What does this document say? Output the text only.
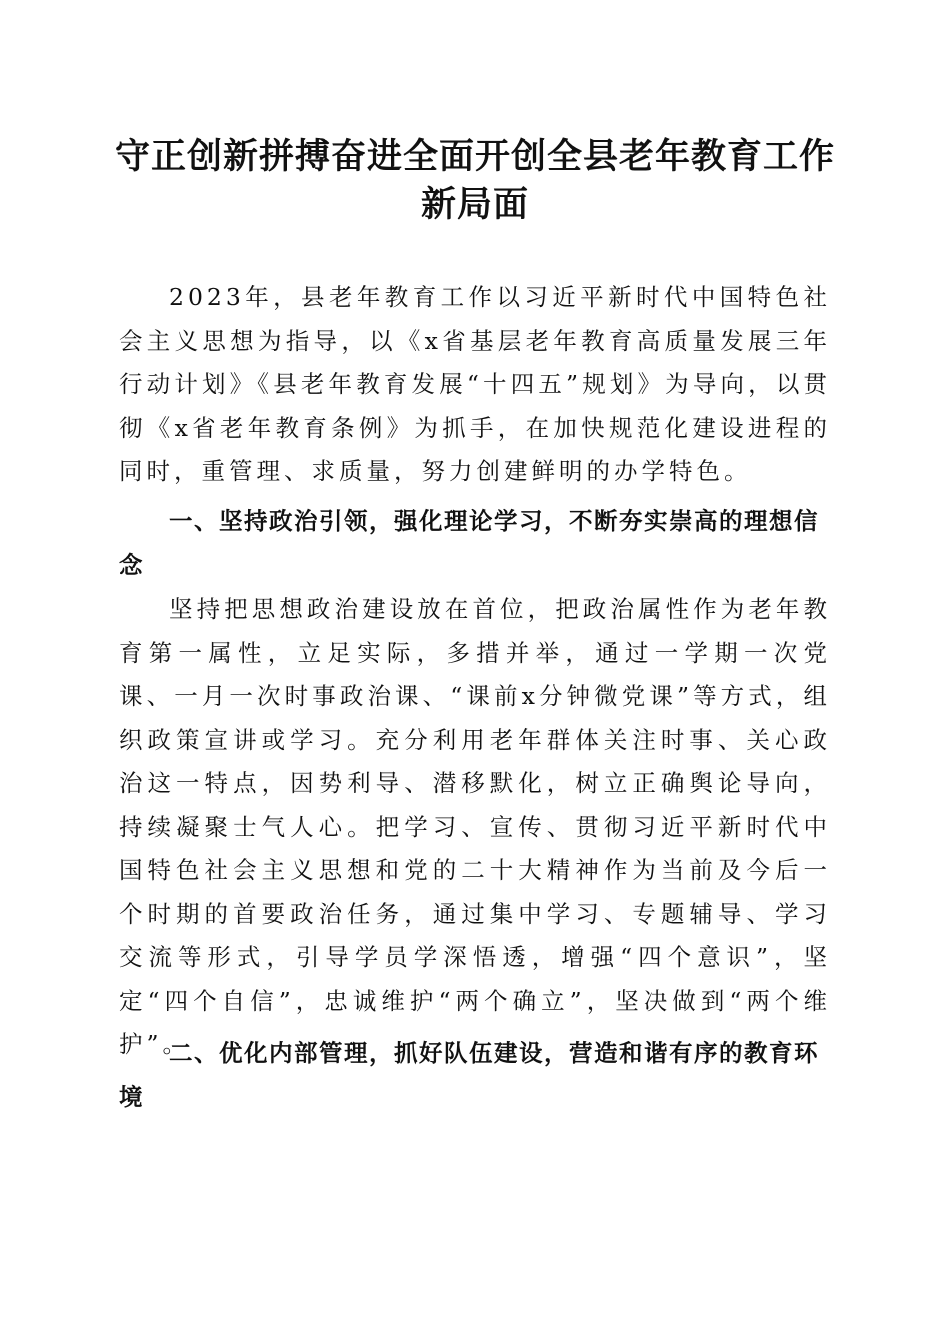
守正创新拼搏奋进全面开创全县老年教育工作新局面

2023年，县老年教育工作以习近平新时代中国特色社会主义思想为指导，以《x省基层老年教育高质量发展三年行动计划》《县老年教育发展“十四五”规划》为导向，以贯彻《x省老年教育条例》为抓手，在加快规范化建设进程的同时，重管理、求质量，努力创建鲜明的办学特色。

一、坚持政治引领，强化理论学习，不断夯实崇高的理想信念

坚持把思想政治建设放在首位，把政治属性作为老年教育第一属性，立足实际，多措并举，通过一学期一次党课、一月一次时事政治课、“课前x分钟微党课”等方式，组织政策宣讲或学习。充分利用老年群体关注时事、关心政治这一特点，因势利导、潜移默化，树立正确舆论导向，持续凝聚士气人心。把学习、宣传、贯彻习近平新时代中国特色社会主义思想和党的二十大精神作为当前及今后一个时期的首要政治任务，通过集中学习、专题辅导、学习交流等形式，引导学员学深悟透，增强“四个意识”，坚定“四个自信”，忠诚维护“两个确立”，坚决做到“两个维护”。

二、优化内部管理，抓好队伍建设，营造和谐有序的教育环境
